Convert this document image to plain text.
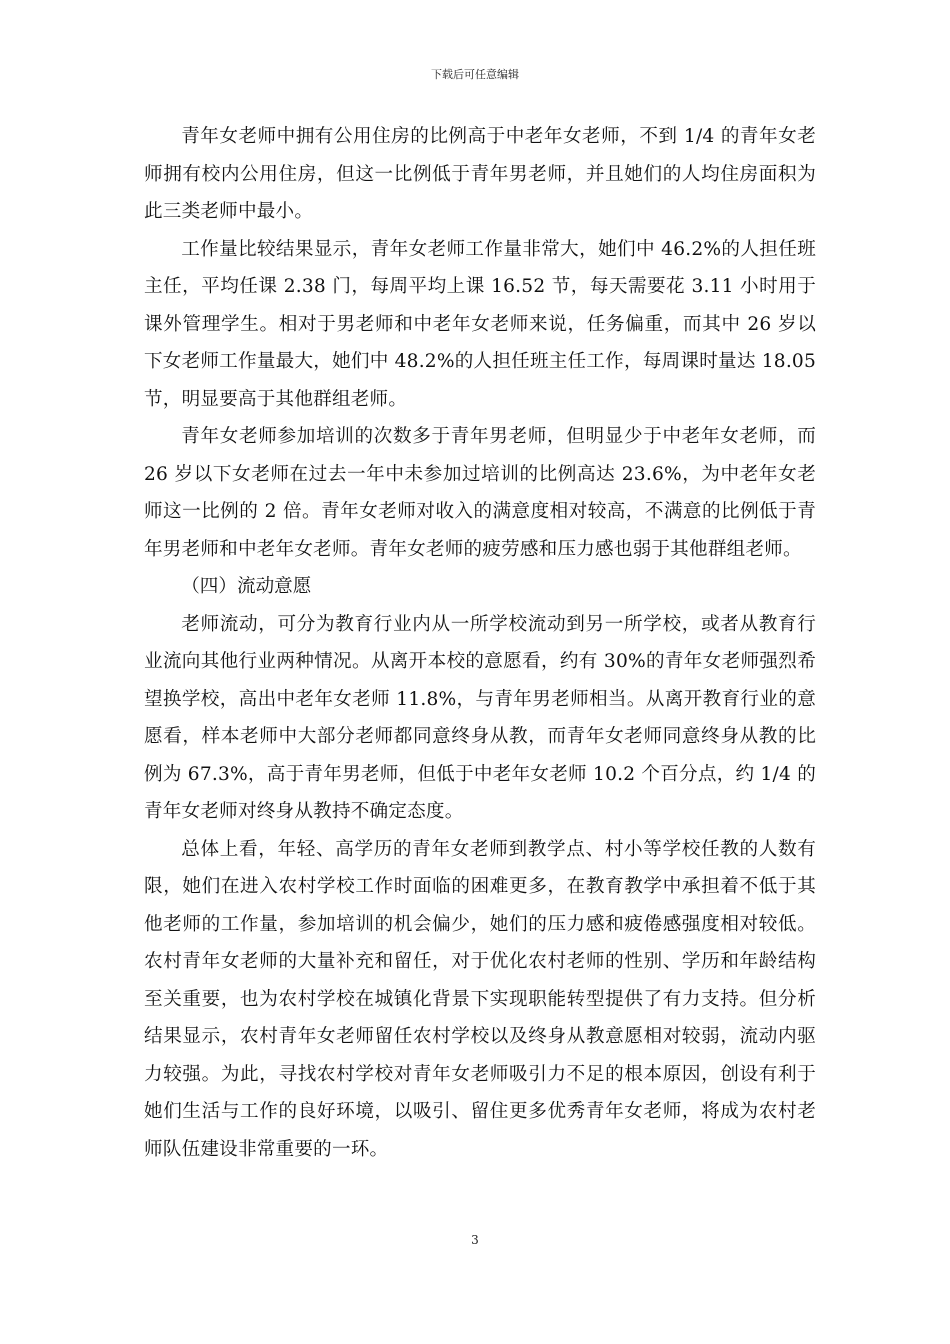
下载后可任意编辑

青年女老师中拥有公用住房的比例高于中老年女老师，不到 1/4 的青年女老师拥有校内公用住房，但这一比例低于青年男老师，并且她们的人均住房面积为此三类老师中最小。

工作量比较结果显示，青年女老师工作量非常大，她们中 46.2%的人担任班主任，平均任课 2.38 门，每周平均上课 16.52 节，每天需要花 3.11 小时用于课外管理学生。相对于男老师和中老年女老师来说，任务偏重，而其中 26 岁以下女老师工作量最大，她们中 48.2%的人担任班主任工作，每周课时量达 18.05 节，明显要高于其他群组老师。

青年女老师参加培训的次数多于青年男老师，但明显少于中老年女老师，而 26 岁以下女老师在过去一年中未参加过培训的比例高达 23.6%，为中老年女老师这一比例的 2 倍。青年女老师对收入的满意度相对较高，不满意的比例低于青年男老师和中老年女老师。青年女老师的疲劳感和压力感也弱于其他群组老师。

（四）流动意愿

老师流动，可分为教育行业内从一所学校流动到另一所学校，或者从教育行业流向其他行业两种情况。从离开本校的意愿看，约有 30%的青年女老师强烈希望换学校，高出中老年女老师 11.8%，与青年男老师相当。从离开教育行业的意愿看，样本老师中大部分老师都同意终身从教，而青年女老师同意终身从教的比例为 67.3%，高于青年男老师，但低于中老年女老师 10.2 个百分点，约 1/4 的青年女老师对终身从教持不确定态度。

总体上看，年轻、高学历的青年女老师到教学点、村小等学校任教的人数有限，她们在进入农村学校工作时面临的困难更多，在教育教学中承担着不低于其他老师的工作量，参加培训的机会偏少，她们的压力感和疲倦感强度相对较低。农村青年女老师的大量补充和留任，对于优化农村老师的性别、学历和年龄结构至关重要，也为农村学校在城镇化背景下实现职能转型提供了有力支持。但分析结果显示，农村青年女老师留任农村学校以及终身从教意愿相对较弱，流动内驱力较强。为此，寻找农村学校对青年女老师吸引力不足的根本原因，创设有利于她们生活与工作的良好环境，以吸引、留住更多优秀青年女老师，将成为农村老师队伍建设非常重要的一环。

3
